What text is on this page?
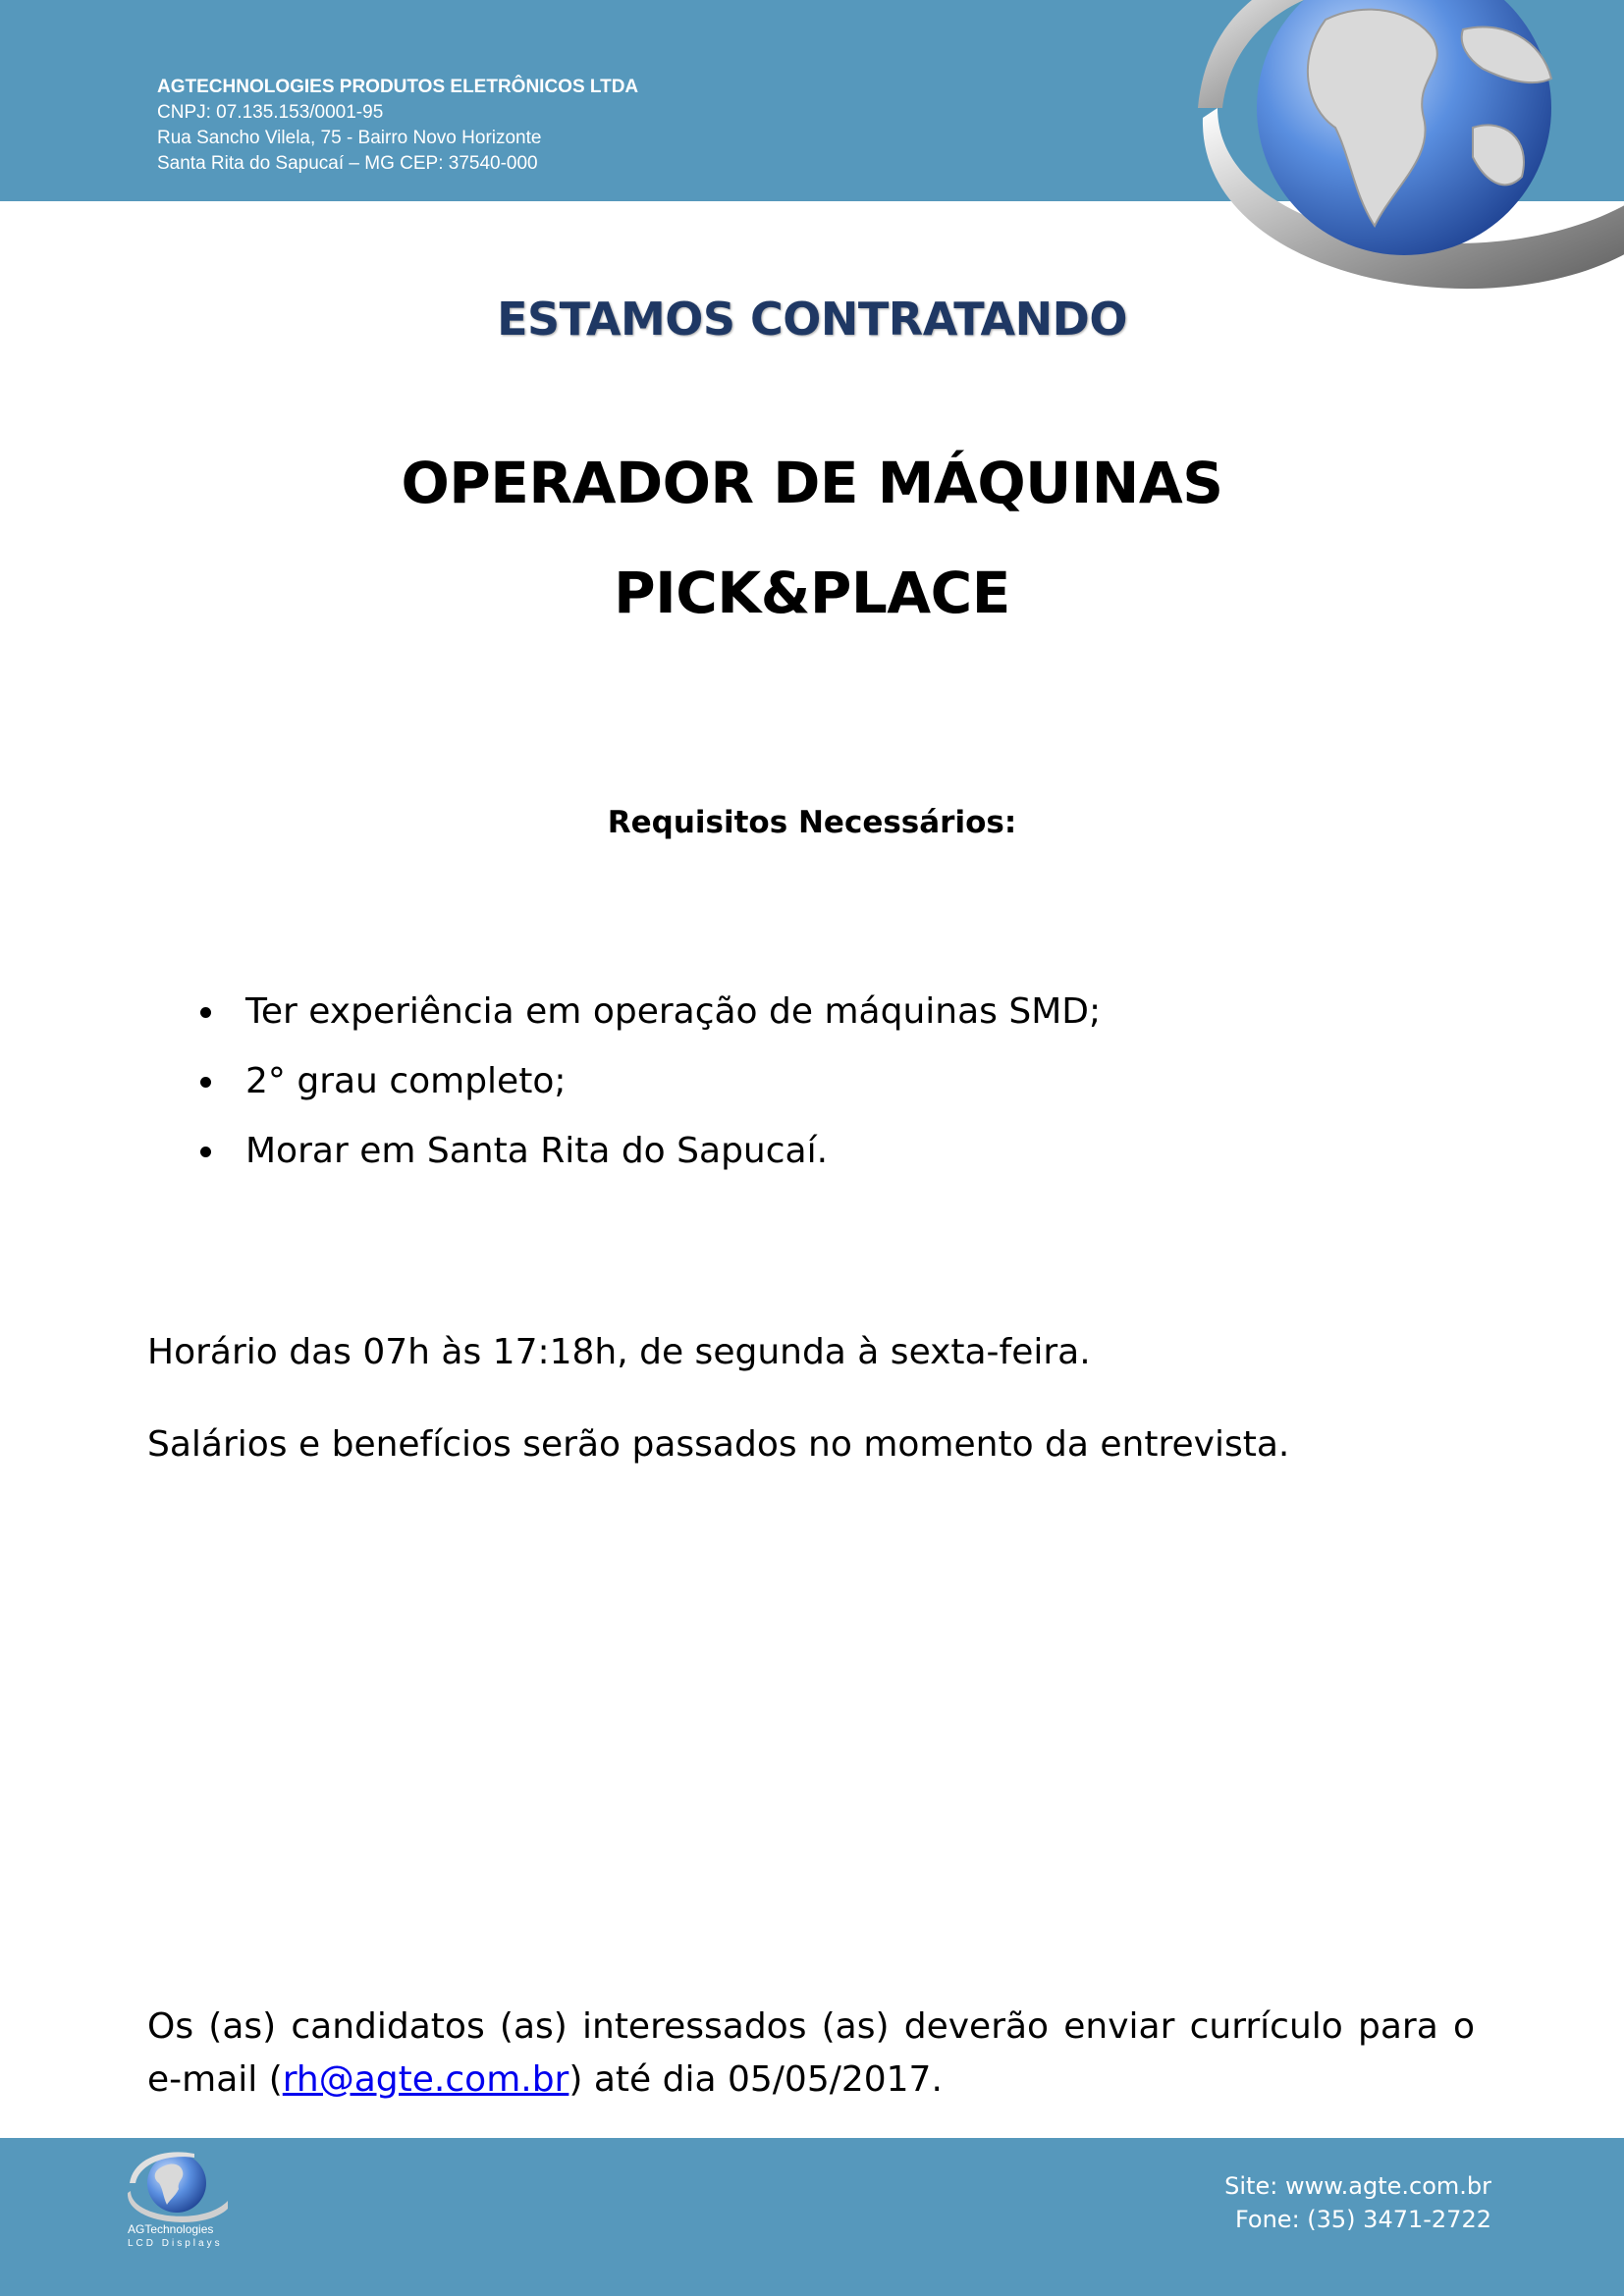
AGTECHNOLOGIES PRODUTOS ELETRÔNICOS LTDA
CNPJ: 07.135.153/0001-95
Rua Sancho Vilela, 75 - Bairro Novo Horizonte
Santa Rita do Sapucaí – MG CEP: 37540-000
ESTAMOS CONTRATANDO
OPERADOR DE MÁQUINAS
PICK&PLACE
Requisitos Necessários:
Ter experiência em operação de máquinas SMD;
2° grau completo;
Morar em Santa Rita do Sapucaí.
Horário das 07h às 17:18h, de segunda à sexta-feira.
Salários e benefícios serão passados no momento da entrevista.
Os (as) candidatos (as) interessados (as) deverão enviar currículo para o
e-mail (rh@agte.com.br) até dia 05/05/2017.
AGTechnologies
LCD Displays
Site: www.agte.com.br
Fone: (35) 3471-2722
